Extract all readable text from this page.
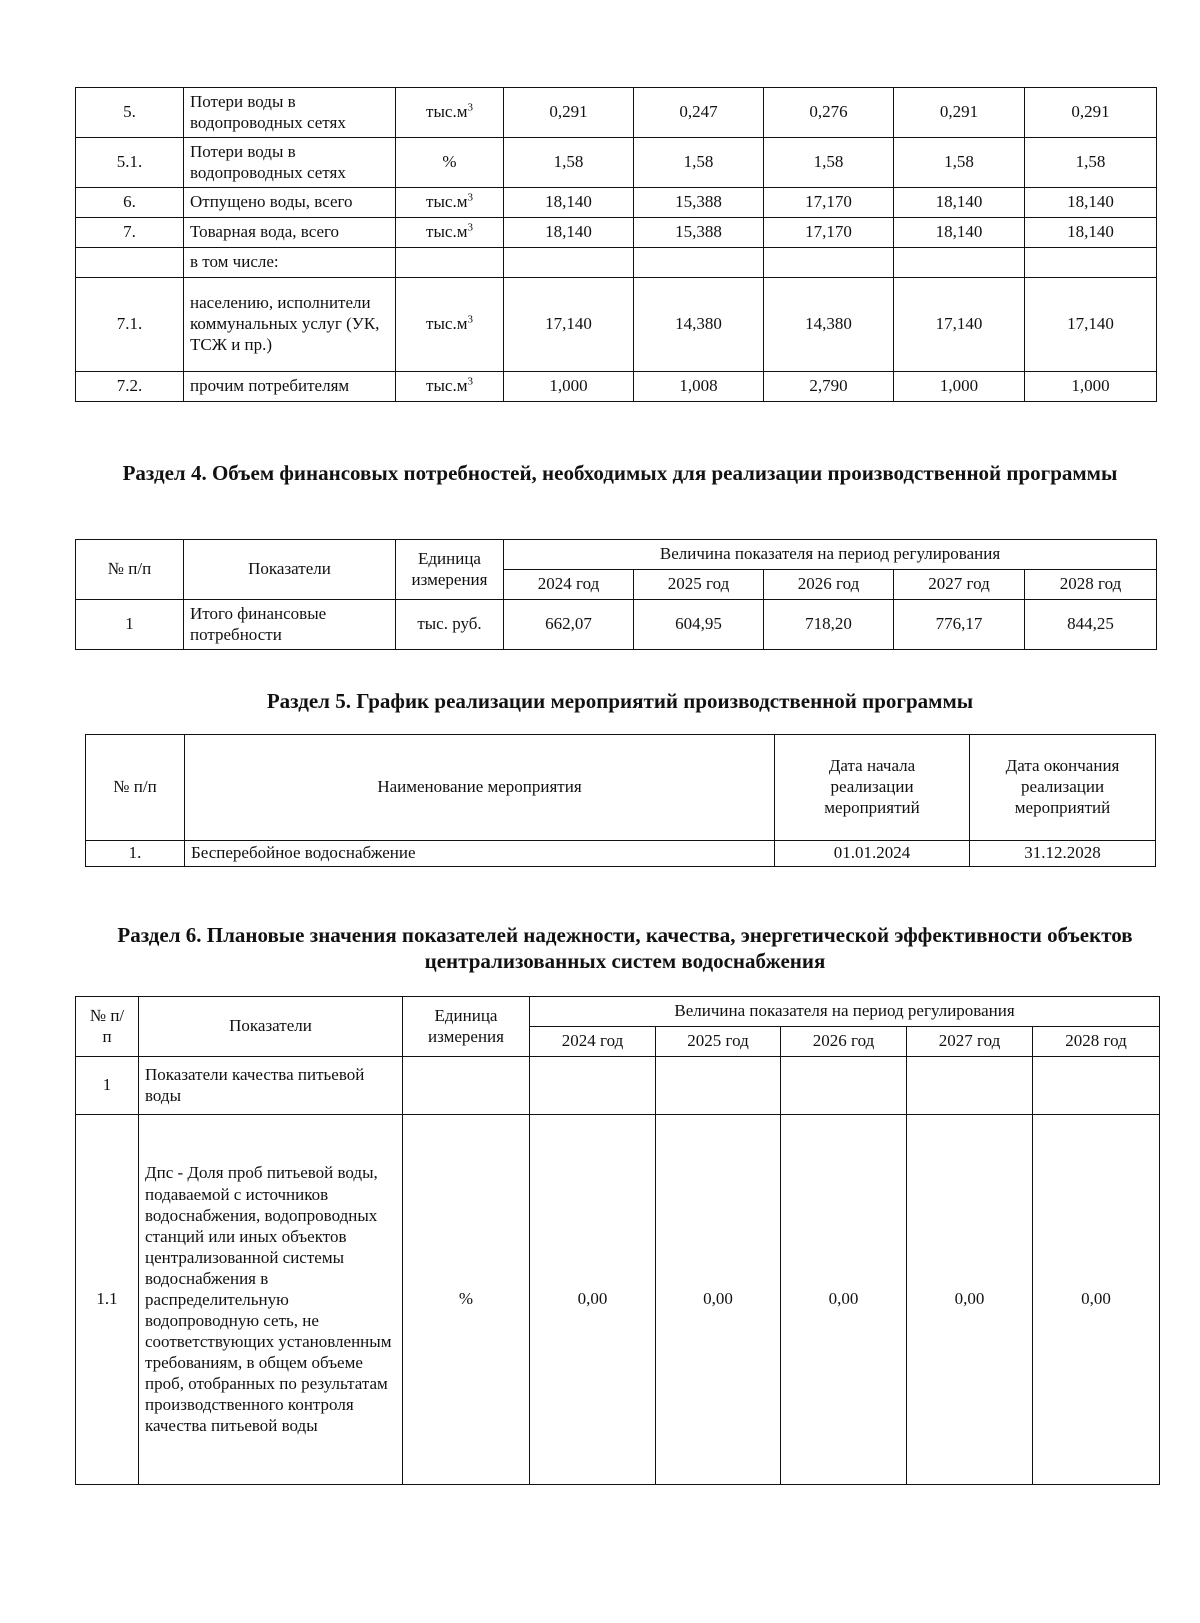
5.	Потери воды в водопроводных сетях	$тыс.м^3$	0,291	0,247	0,276	0,291	0,291
5.1.	Потери воды в водопроводных сетях	%	1,58	1,58	1,58	1,58	1,58
6.	Отпущено воды, всего	$тыс.м^3$	18,140	15,388	17,170	18,140	18,140
7.	Товарная вода, всего	$тыс.м^3$	18,140	15,388	17,170	18,140	18,140
	в том числе:						
7.1.	населению, исполнители коммунальных услуг (УК, ТСЖ и пр.)	$тыс.м^3$	17,140	14,380	14,380	17,140	17,140
7.2.	прочим потребителям	$тыс.м^3$	1,000	1,008	2,790	1,000	1,000
Раздел 4. Объем финансовых потребностей, необходимых для реализации производственной программы
№ п/п	Показатели	Единица измерения	Величина показателя на период регулирования				
			2024 год	2025 год	2026 год	2027 год	2028 год
1	Итого финансовые потребности	тыс. руб.	662,07	604,95	718,20	776,17	844,25
Раздел 5. График реализации мероприятий производственной программы
№ п/п	Наименование мероприятия	Дата начала реализации мероприятий	Дата окончания реализации мероприятий
1.	Бесперебойное водоснабжение	01.01.2024	31.12.2028
Раздел 6. Плановые значения показателей надежности, качества, энергетической эффективности объектов централизованных систем водоснабжения
№ п/п	Показатели	Единица измерения	Величина показателя на период регулирования				
			2024 год	2025 год	2026 год	2027 год	2028 год
1	Показатели качества питьевой воды						
1.1	Дпс - Доля проб питьевой воды, подаваемой с источников водоснабжения, водопроводных станций или иных объектов централизованной системы водоснабжения в распределительную водопроводную сеть, не соответствующих установленным требованиям, в общем объеме проб, отобранных по результатам производственного контроля качества питьевой воды	%	0,00	0,00	0,00	0,00	0,00
